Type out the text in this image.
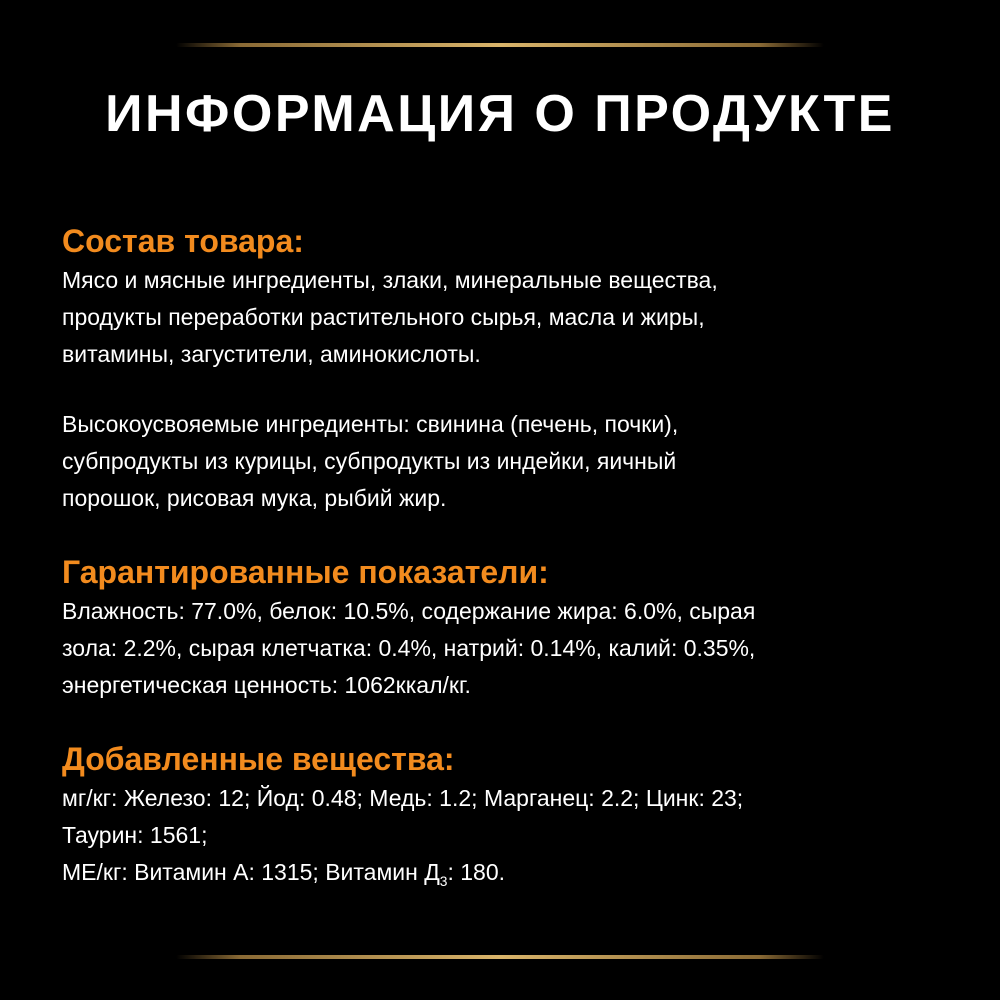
ИНФОРМАЦИЯ О ПРОДУКТЕ

Состав товара:

Мясо и мясные ингредиенты, злаки, минеральные вещества,
продукты переработки растительного сырья, масла и жиры,
витамины, загустители, аминокислоты.

Высокоусвояемые ингредиенты: свинина (печень, почки),
субпродукты из курицы, субпродукты из индейки, яичный
порошок, рисовая мука, рыбий жир.

Гарантированные показатели:

Влажность: 77.0%, белок: 10.5%, содержание жира: 6.0%, сырая
зола: 2.2%, сырая клетчатка: 0.4%, натрий: 0.14%, калий: 0.35%,
энергетическая ценность: 1062ккал/кг.

Добавленные вещества:

мг/кг: Железо: 12; Йод: 0.48; Медь: 1.2; Марганец: 2.2; Цинк: 23;
Таурин: 1561;
МЕ/кг: Витамин А: 1315; Витамин $Д_3$: 180.
